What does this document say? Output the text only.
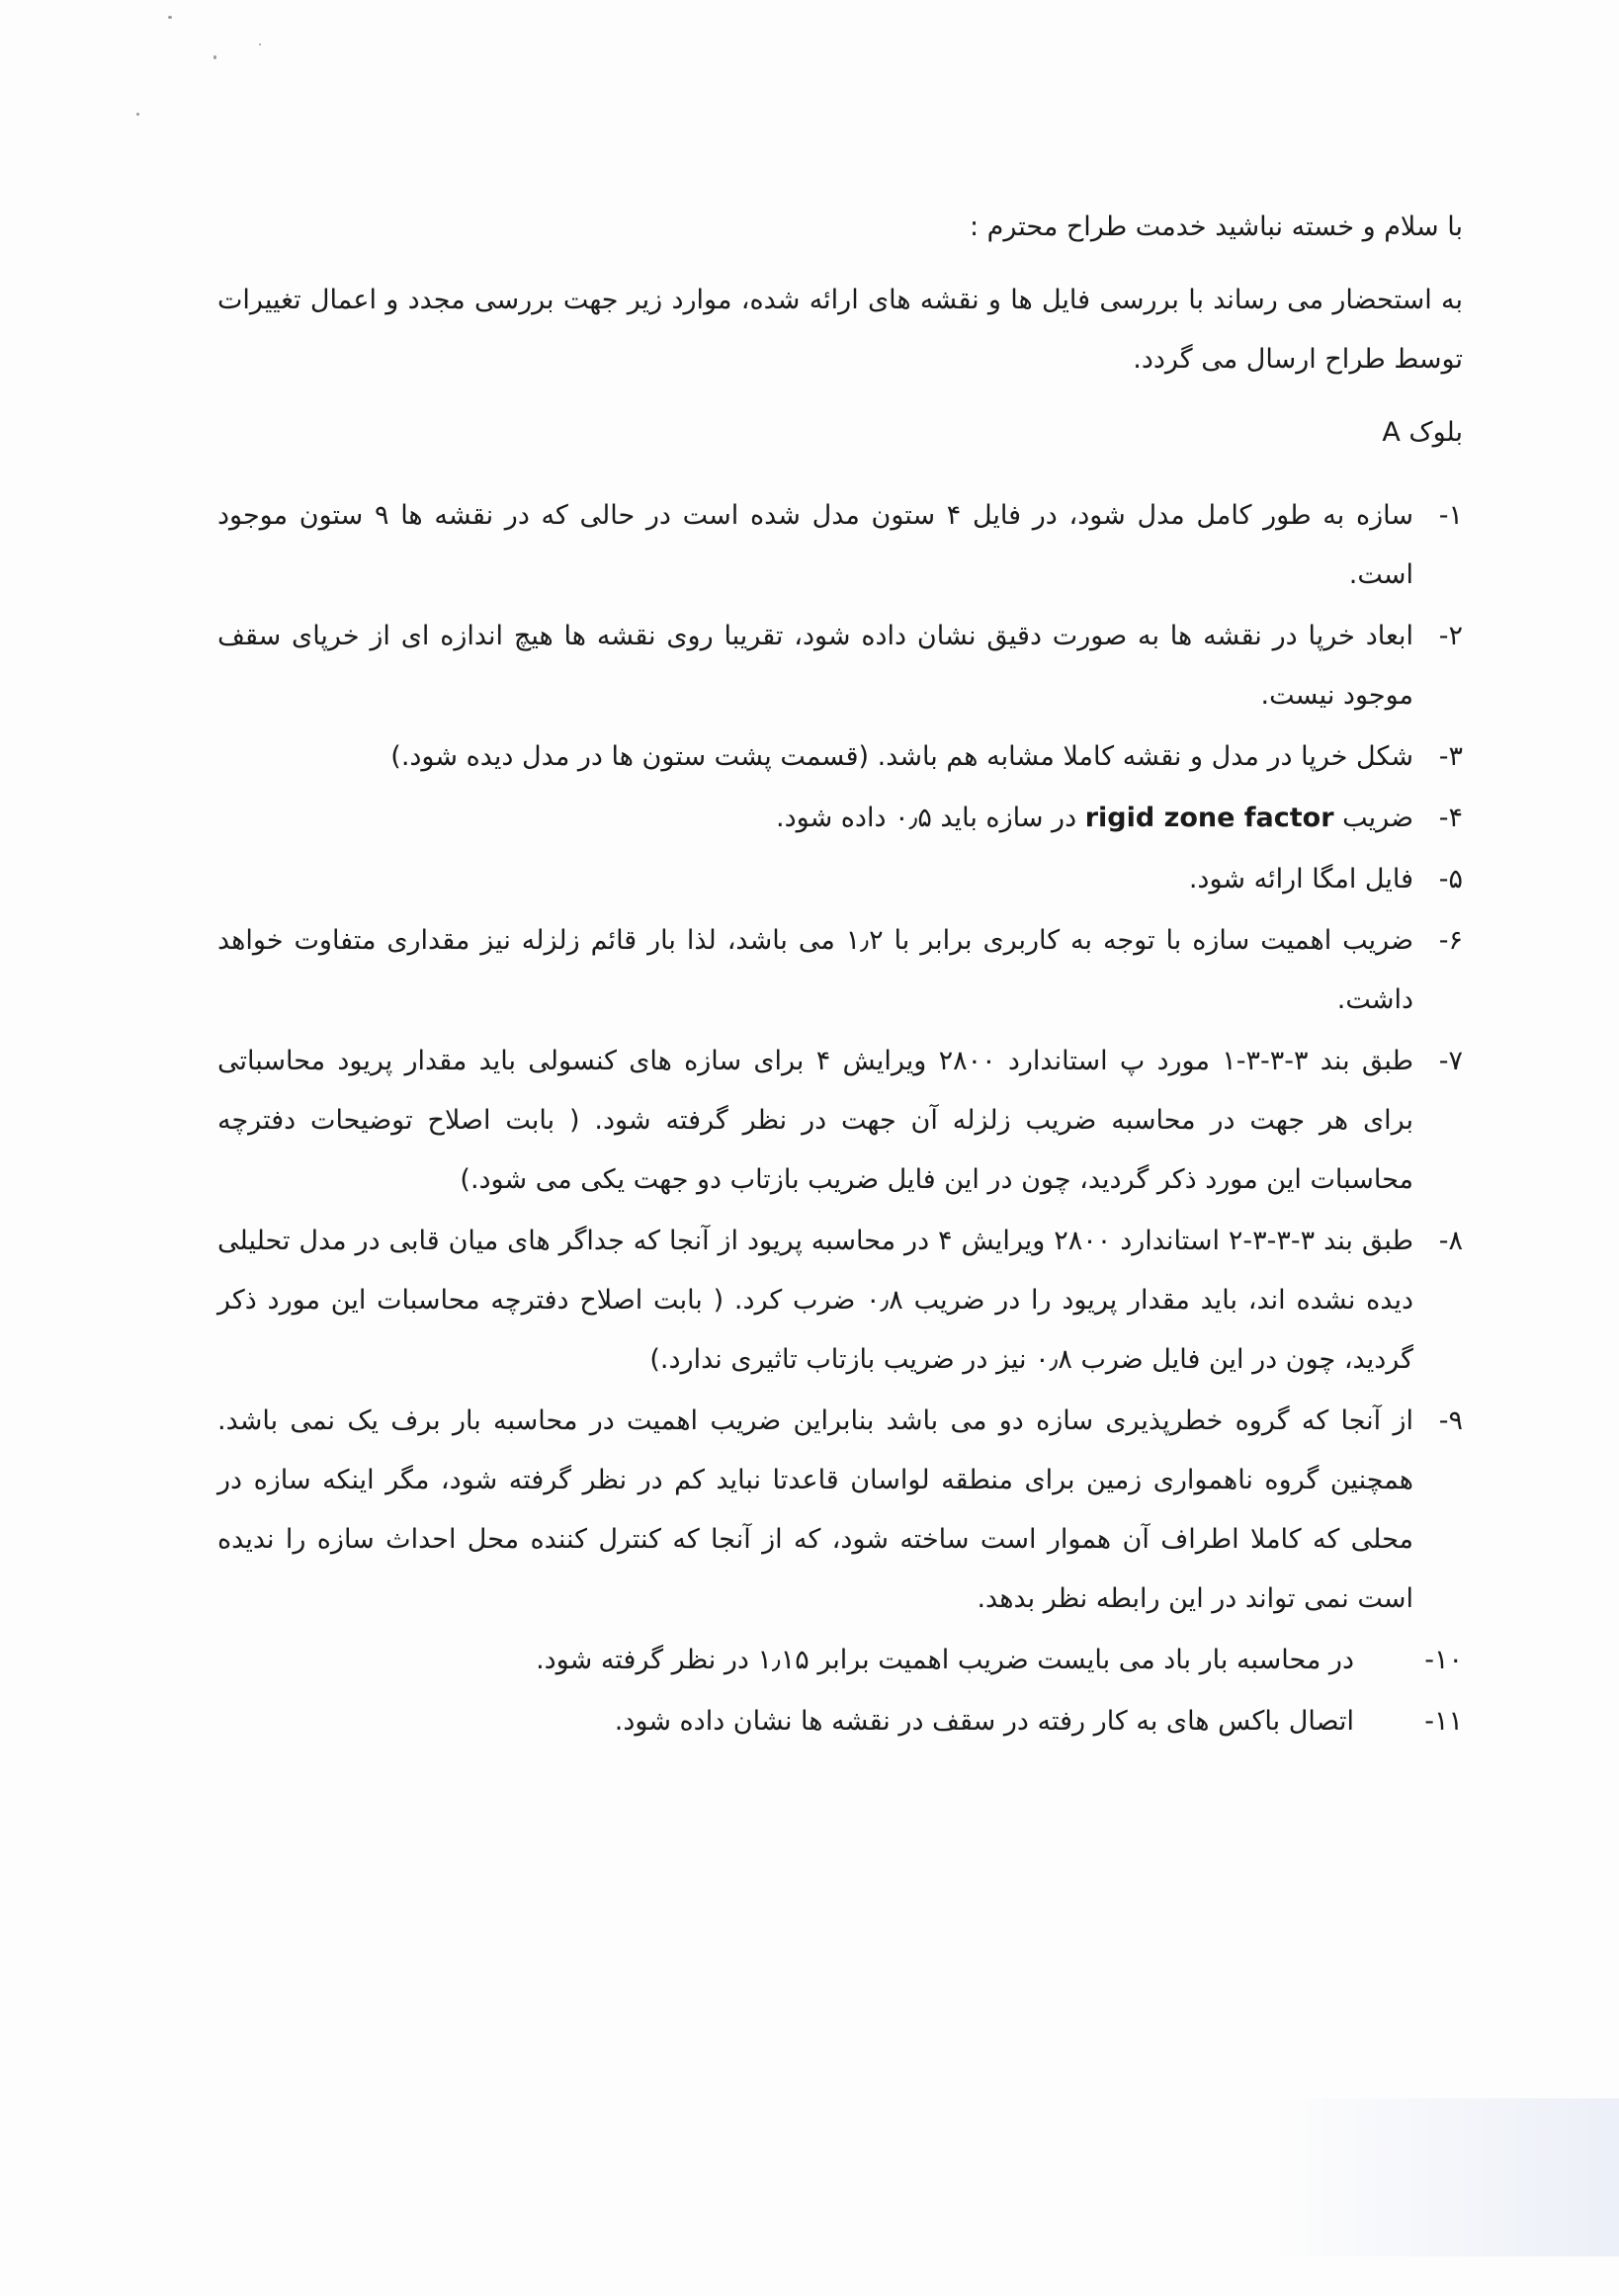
با سلام و خسته نباشید خدمت طراح محترم :

به استحضار می رساند با بررسی فایل ها و نقشه های ارائه شده، موارد زیر جهت بررسی مجدد و اعمال تغییرات توسط طراح ارسال می گردد.

بلوک A

۱-
سازه به طور کامل مدل شود، در فایل ۴ ستون مدل شده است در حالی که در نقشه ها ۹ ستون موجود است.
۲-
ابعاد خرپا در نقشه ها به صورت دقیق نشان داده شود، تقریبا روی نقشه ها هیچ اندازه ای از خرپای سقف موجود نیست.
۳-
شکل خرپا در مدل و نقشه کاملا مشابه هم باشد. (قسمت پشت ستون ها در مدل دیده شود.)
۴-
ضریب rigid zone factor در سازه باید ۰٫۵ داده شود.
۵-
فایل امگا ارائه شود.
۶-
ضریب اهمیت سازه با توجه به کاربری برابر با ۱٫۲ می باشد، لذا بار قائم زلزله نیز مقداری متفاوت خواهد داشت.
۷-
طبق بند ۳-۳-۳-۱ مورد پ استاندارد ۲۸۰۰ ویرایش ۴ برای سازه های کنسولی باید مقدار پریود محاسباتی برای هر جهت در محاسبه ضریب زلزله آن جهت در نظر گرفته شود. ( بابت اصلاح توضیحات دفترچه محاسبات این مورد ذکر گردید، چون در این فایل ضریب بازتاب دو جهت یکی می شود.)
۸-
طبق بند ۳-۳-۳-۲ استاندارد ۲۸۰۰ ویرایش ۴ در محاسبه پریود از آنجا که جداگر های میان قابی در مدل تحلیلی دیده نشده اند، باید مقدار پریود را در ضریب ۰٫۸ ضرب کرد. ( بابت اصلاح دفترچه محاسبات این مورد ذکر گردید، چون در این فایل ضرب ۰٫۸ نیز در ضریب بازتاب تاثیری ندارد.)
۹-
از آنجا که گروه خطرپذیری سازه دو می باشد بنابراین ضریب اهمیت در محاسبه بار برف یک نمی باشد. همچنین گروه ناهمواری زمین برای منطقه لواسان قاعدتا نباید کم در نظر گرفته شود، مگر اینکه سازه در محلی که کاملا اطراف آن هموار است ساخته شود، که از آنجا که کنترل کننده محل احداث سازه را ندیده است نمی تواند در این رابطه نظر بدهد.
۱۰-
در محاسبه بار باد می بایست ضریب اهمیت برابر ۱٫۱۵ در نظر گرفته شود.
۱۱-
اتصال باکس های به کار رفته در سقف در نقشه ها نشان داده شود.
